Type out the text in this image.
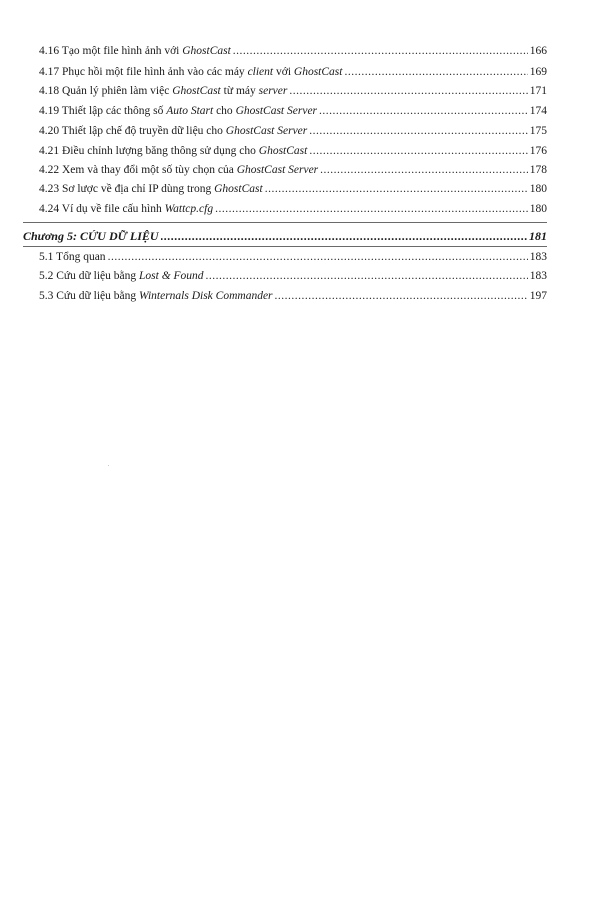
4.16 Tạo một file hình ảnh với GhostCast .....	166
4.17 Phục hồi một file hình ảnh vào các máy client với GhostCast .....	169
4.18 Quản lý phiên làm việc GhostCast từ máy server .....	171
4.19 Thiết lập các thông số Auto Start cho GhostCast Server .....	174
4.20 Thiết lập chế độ truyền dữ liệu cho GhostCast Server .....	175
4.21 Điều chỉnh lượng băng thông sử dụng cho GhostCast .....	176
4.22 Xem và thay đổi một số tùy chọn của GhostCast Server .....	178
4.23 Sơ lược về địa chỉ IP dùng trong GhostCast .....	180
4.24 Ví dụ về file cấu hình Wattcp.cfg .....	180
Chương 5: CỨU DỮ LIỆU .....	181
5.1 Tổng quan .....	183
5.2 Cứu dữ liệu bằng Lost & Found .....	183
5.3 Cứu dữ liệu bằng Winternals Disk Commander .....	197
